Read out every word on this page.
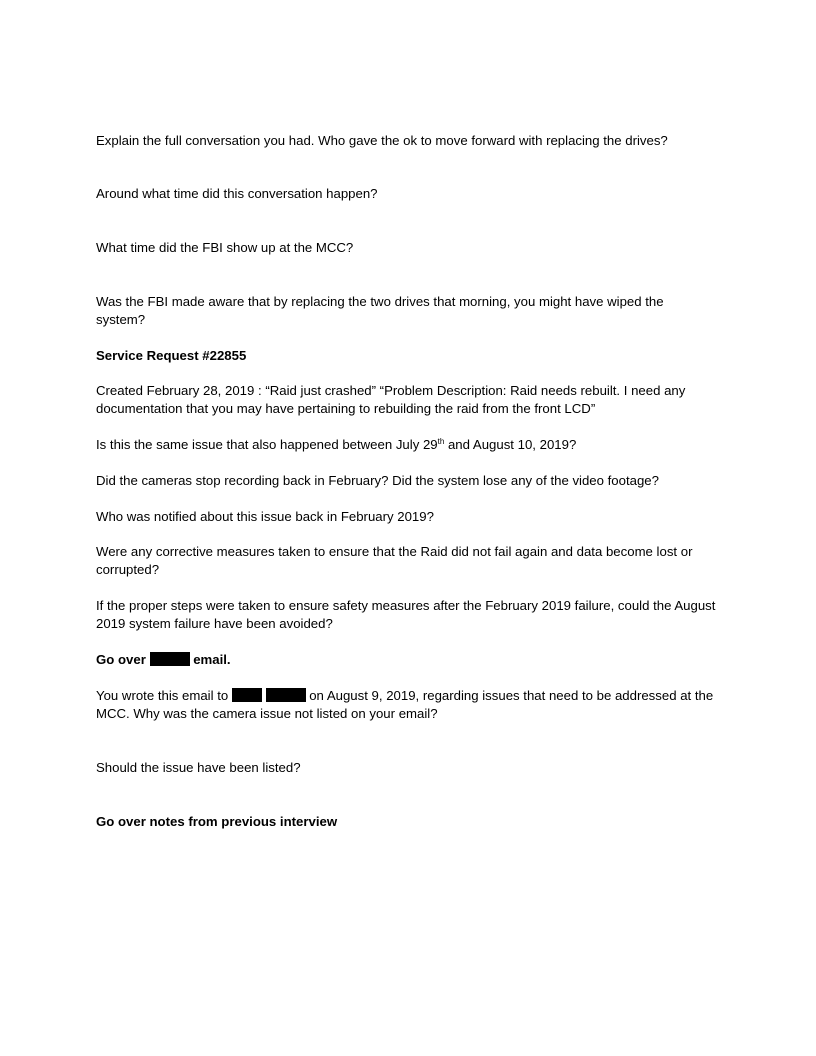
Explain the full conversation you had. Who gave the ok to move forward with replacing the drives?

Around what time did this conversation happen?

What time did the FBI show up at the MCC?

Was the FBI made aware that by replacing the two drives that morning, you might have wiped the system?

Service Request #22855

Created February 28, 2019 : “Raid just crashed” “Problem Description: Raid needs rebuilt. I need any documentation that you may have pertaining to rebuilding the raid from the front LCD”

Is this the same issue that also happened between July 29th and August 10, 2019?

Did the cameras stop recording back in February? Did the system lose any of the video footage?

Who was notified about this issue back in February 2019?

Were any corrective measures taken to ensure that the Raid did not fail again and data become lost or corrupted?

If the proper steps were taken to ensure safety measures after the February 2019 failure, could the August 2019 system failure have been avoided?

Go over	email.

You wrote this email to	on August 9, 2019, regarding issues that need to be addressed at the MCC. Why was the camera issue not listed on your email?

Should the issue have been listed?

Go over notes from previous interview
